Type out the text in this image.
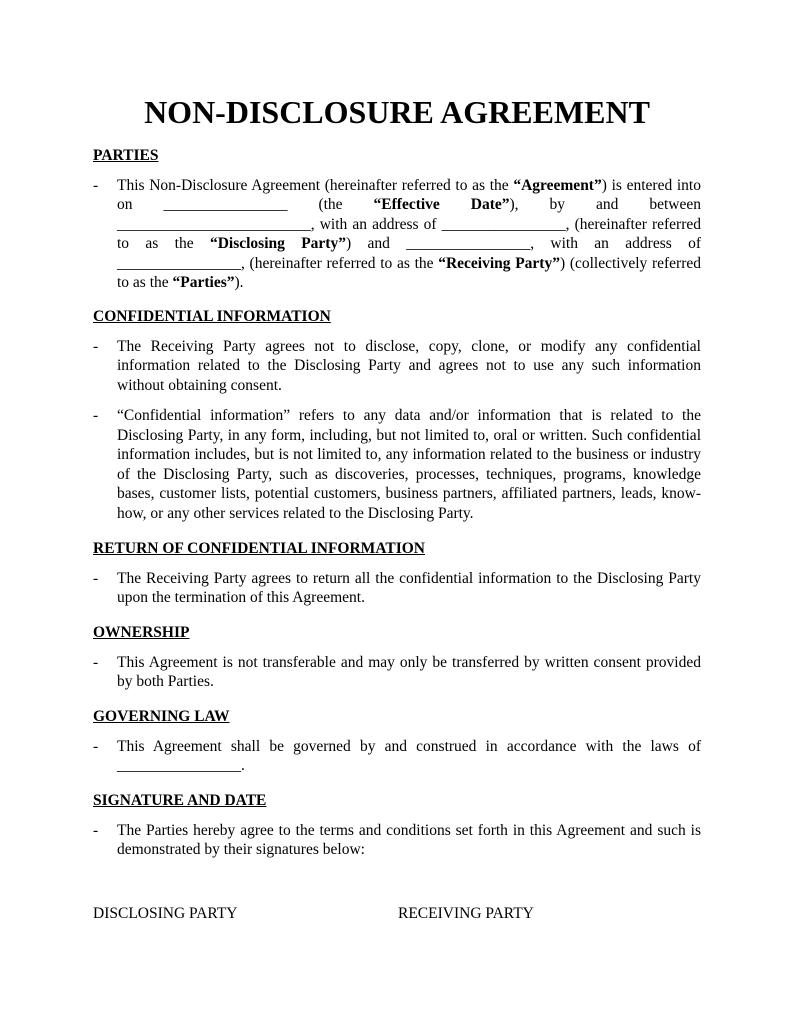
NON-DISCLOSURE AGREEMENT
PARTIES
- This Non-Disclosure Agreement (hereinafter referred to as the “Agreement”) is entered into on ________________ (the “Effective Date”), by and between _________________________, with an address of ________________, (hereinafter referred to as the “Disclosing Party”) and ________________, with an address of ________________, (hereinafter referred to as the “Receiving Party”) (collectively referred to as the “Parties”).
CONFIDENTIAL INFORMATION
- The Receiving Party agrees not to disclose, copy, clone, or modify any confidential information related to the Disclosing Party and agrees not to use any such information without obtaining consent.
- “Confidential information” refers to any data and/or information that is related to the Disclosing Party, in any form, including, but not limited to, oral or written. Such confidential information includes, but is not limited to, any information related to the business or industry of the Disclosing Party, such as discoveries, processes, techniques, programs, knowledge bases, customer lists, potential customers, business partners, affiliated partners, leads, know-how, or any other services related to the Disclosing Party.
RETURN OF CONFIDENTIAL INFORMATION
- The Receiving Party agrees to return all the confidential information to the Disclosing Party upon the termination of this Agreement.
OWNERSHIP
- This Agreement is not transferable and may only be transferred by written consent provided by both Parties.
GOVERNING LAW
- This Agreement shall be governed by and construed in accordance with the laws of ________________.
SIGNATURE AND DATE
- The Parties hereby agree to the terms and conditions set forth in this Agreement and such is demonstrated by their signatures below:
DISCLOSING PARTY	RECEIVING PARTY
